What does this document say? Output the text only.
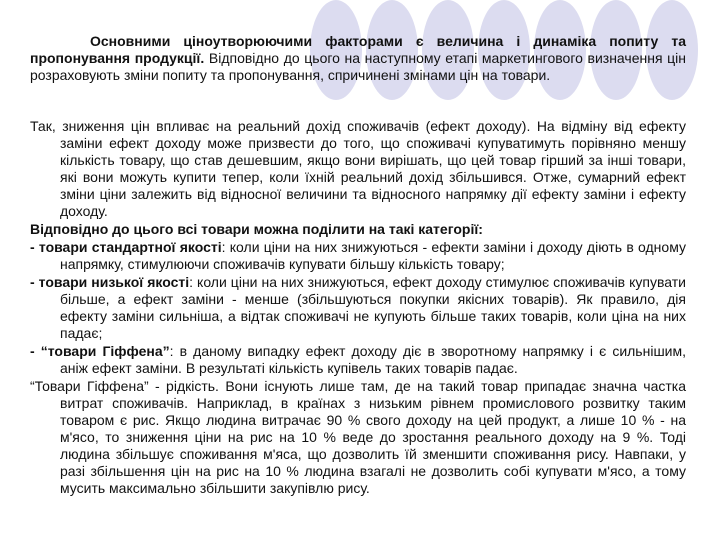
Основними ціноутворюючими факторами є величина і динаміка попиту та пропонування продукції. Відповідно до цього на наступному етапі маркетингового визначення цін розраховують зміни попиту та пропонування, спричинені змінами цін на товари.

Так, зниження цін впливає на реальний дохід споживачів (ефект доходу). На відміну від ефекту заміни ефект доходу може призвести до того, що споживачі купуватимуть порівняно меншу кількість товару, що став дешевшим, якщо вони вирішать, що цей товар гірший за інші товари, які вони можуть купити тепер, коли їхній реальний дохід збільшився. Отже, сумарний ефект зміни ціни залежить від відносної величини та відносного напрямку дії ефекту заміни і ефекту доходу.

Відповідно до цього всі товари можна поділити на такі категорії:

- товари стандартної якості: коли ціни на них знижуються - ефекти заміни і доходу діють в одному напрямку, стимулюючи споживачів купувати більшу кількість товару;

- товари низької якості: коли ціни на них знижуються, ефект доходу стимулює споживачів купувати більше, а ефект заміни - менше (збільшуються покупки якісних товарів). Як правило, дія ефекту заміни сильніша, а відтак споживачі не купують більше таких товарів, коли ціна на них падає;

- “товари Гіффена”: в даному випадку ефект доходу діє в зворотному напрямку і є сильнішим, аніж ефект заміни. В результаті кількість купівель таких товарів падає.

“Товари Гіффена” - рідкість. Вони існують лише там, де на такий товар припадає значна частка витрат споживачів. Наприклад, в країнах з низьким рівнем промислового розвитку таким товаром є рис. Якщо людина витрачає 90 % свого доходу на цей продукт, а лише 10 % - на м'ясо, то зниження ціни на рис на 10 % веде до зростання реального доходу на 9 %. Тоді людина збільшує споживання м'яса, що дозволить їй зменшити споживання рису. Навпаки, у разі збільшення цін на рис на 10 % людина взагалі не дозволить собі купувати м'ясо, а тому мусить максимально збільшити закупівлю рису.
